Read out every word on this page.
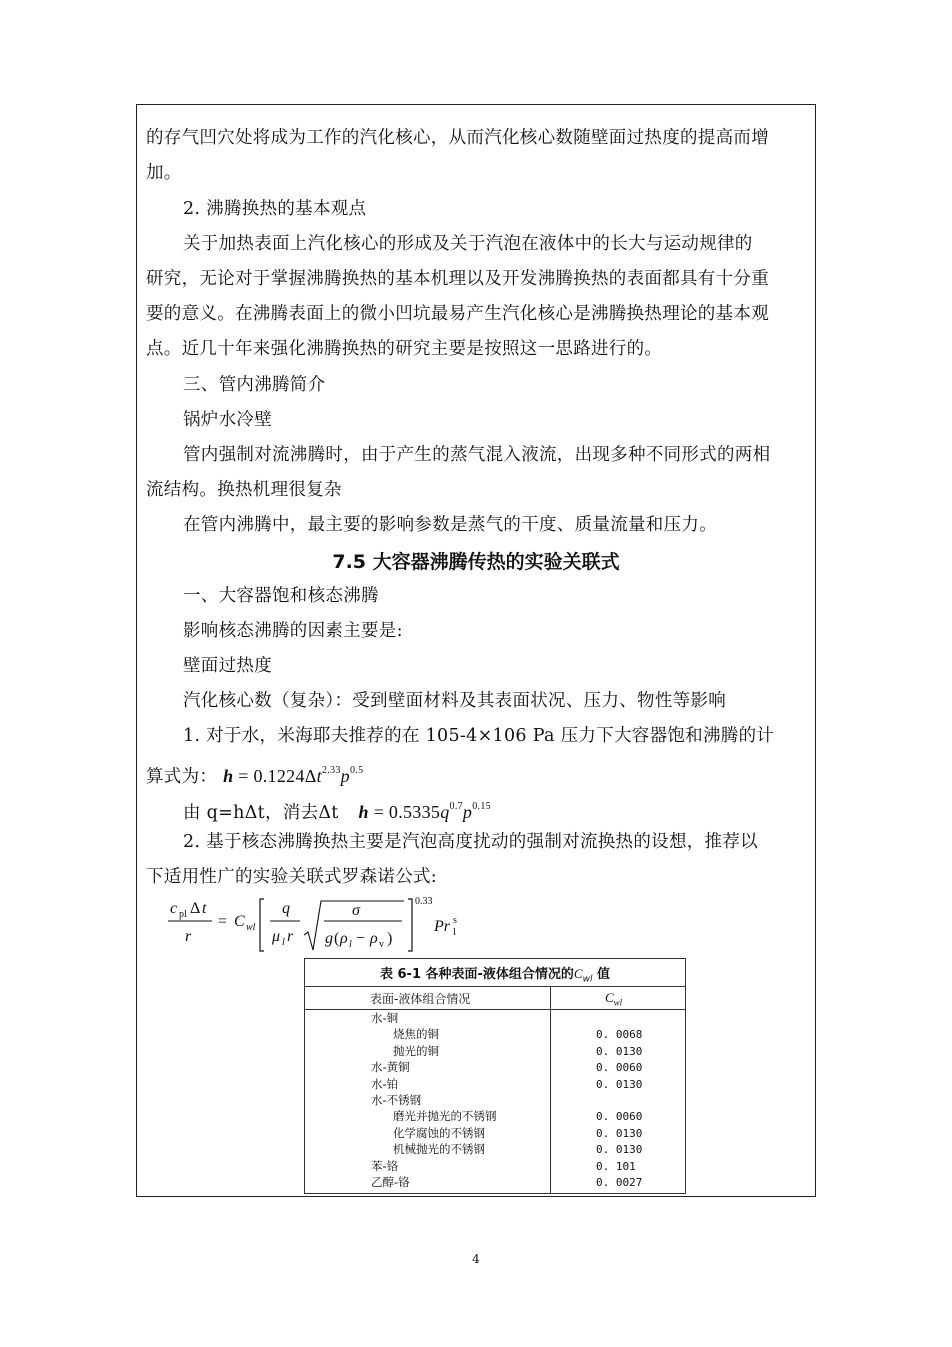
的存气凹穴处将成为工作的汽化核心，从而汽化核心数随壁面过热度的提高而增
加。
2. 沸腾换热的基本观点
关于加热表面上汽化核心的形成及关于汽泡在液体中的长大与运动规律的
研究，无论对于掌握沸腾换热的基本机理以及开发沸腾换热的表面都具有十分重
要的意义。在沸腾表面上的微小凹坑最易产生汽化核心是沸腾换热理论的基本观
点。近几十年来强化沸腾换热的研究主要是按照这一思路进行的。
三、管内沸腾简介
锅炉水冷壁
管内强制对流沸腾时，由于产生的蒸气混入液流，出现多种不同形式的两相
流结构。换热机理很复杂
在管内沸腾中，最主要的影响参数是蒸气的干度、质量流量和压力。
7.5 大容器沸腾传热的实验关联式
一、大容器饱和核态沸腾
影响核态沸腾的因素主要是:
壁面过热度
汽化核心数（复杂）：受到壁面材料及其表面状况、压力、物性等影响
1. 对于水，米海耶夫推荐的在 105-4×106 Pa 压力下大容器饱和沸腾的计
算式为： $h = 0.1224\Delta t^{2.33}p^{0.5}$
由 q=hΔt，消去Δt $h = 0.5335q^{0.7}p^{0.15}$
2. 基于核态沸腾换热主要是汽泡高度扰动的强制对流换热的设想，推荐以
下适用性广的实验关联式罗森诺公式:
c pl Δ t
r
= C wl
q
μ l r
σ
g ( ρ l − ρ v )
0.33
Pr l
s
表 6-1 各种表面-液体组合情况的$C_{wl}$ 值
表面-液体组合情况	$C_{wl}$
水-铜
烧焦的铜	0. 0068
抛光的铜	0. 0130
水-黄铜	0. 0060
水-铂	0. 0130
水-不锈钢
磨光并抛光的不锈钢	0. 0060
化学腐蚀的不锈钢	0. 0130
机械抛光的不锈钢	0. 0130
苯-铬	0. 101
乙醇-铬	0. 0027
4
